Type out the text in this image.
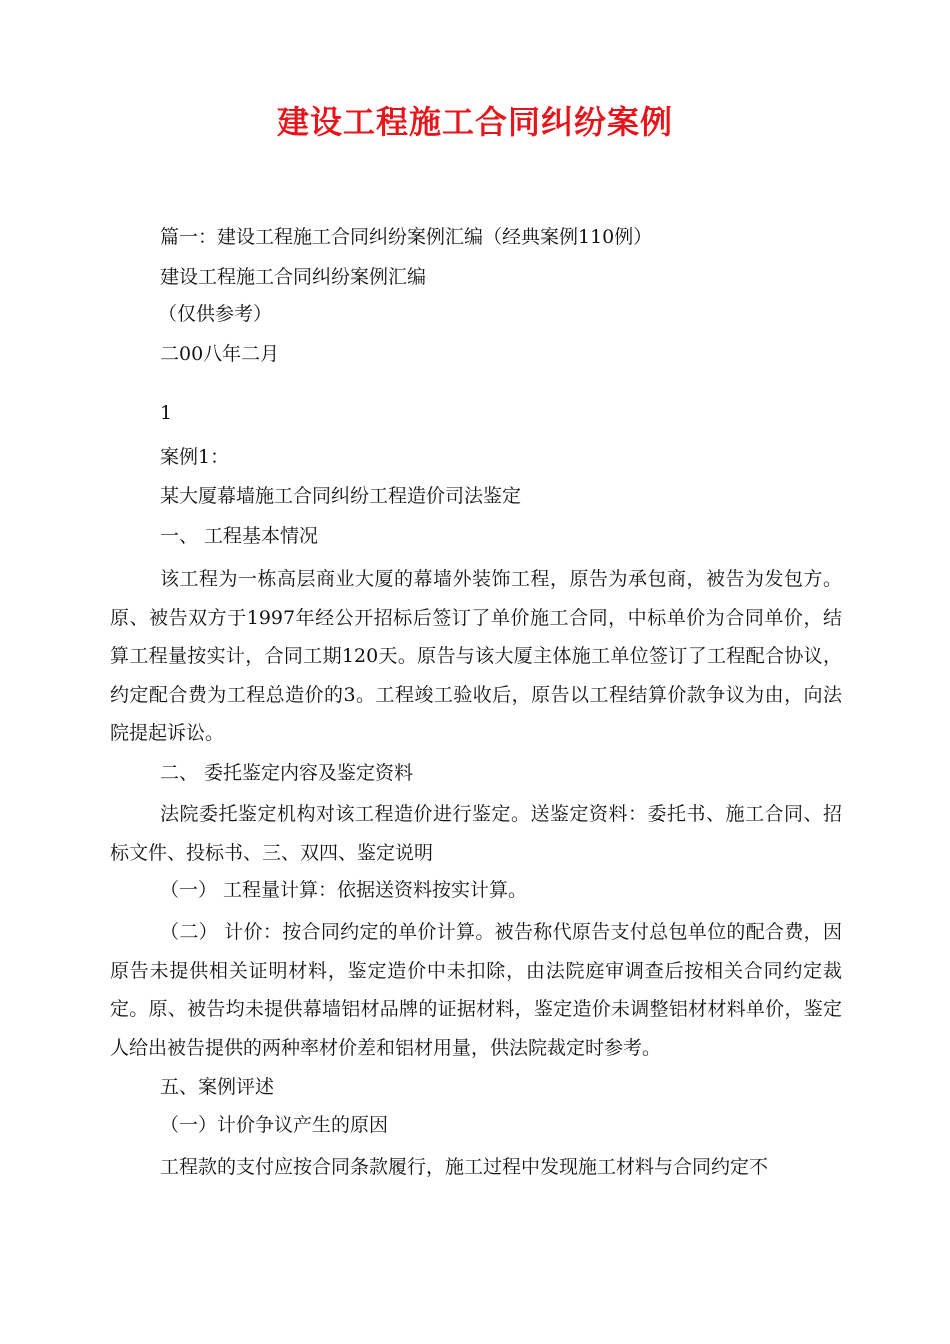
建设工程施工合同纠纷案例
篇一：建设工程施工合同纠纷案例汇编（经典案例110例）
建设工程施工合同纠纷案例汇编
（仅供参考）
二00八年二月
1
案例1：
某大厦幕墙施工合同纠纷工程造价司法鉴定
一、 工程基本情况
该工程为一栋高层商业大厦的幕墙外装饰工程，原告为承包商，被告为发包方。原、被告双方于1997年经公开招标后签订了单价施工合同，中标单价为合同单价，结算工程量按实计，合同工期120天。原告与该大厦主体施工单位签订了工程配合协议，约定配合费为工程总造价的3。工程竣工验收后，原告以工程结算价款争议为由，向法院提起诉讼。
二、 委托鉴定内容及鉴定资料
法院委托鉴定机构对该工程造价进行鉴定。送鉴定资料：委托书、施工合同、招标文件、投标书、三、双四、鉴定说明
（一） 工程量计算：依据送资料按实计算。
（二） 计价：按合同约定的单价计算。被告称代原告支付总包单位的配合费，因原告未提供相关证明材料，鉴定造价中未扣除，由法院庭审调查后按相关合同约定裁定。原、被告均未提供幕墙铝材品牌的证据材料，鉴定造价未调整铝材材料单价，鉴定人给出被告提供的两种率材价差和铝材用量，供法院裁定时参考。
五、案例评述
（一）计价争议产生的原因
工程款的支付应按合同条款履行，施工过程中发现施工材料与合同约定不
